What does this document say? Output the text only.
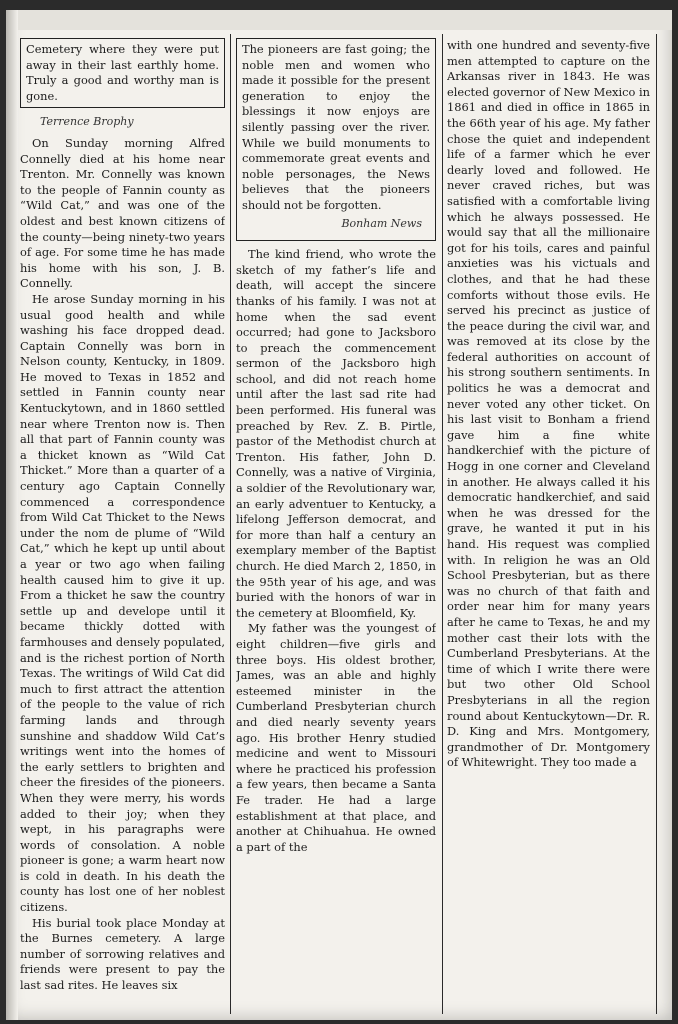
Cemetery where they were put away in their last earthly home. Truly a good and worthy man is gone.

Terrence Brophy

On Sunday morning Alfred Connelly died at his home near Trenton. Mr. Connelly was known to the people of Fannin county as “Wild Cat,” and was one of the oldest and best known citizens of the county—being ninety-two years of age. For some time he has made his home with his son, J. B. Connelly.

He arose Sunday morning in his usual good health and while washing his face dropped dead. Captain Connelly was born in Nelson county, Kentucky, in 1809. He moved to Texas in 1852 and settled in Fannin county near Kentuckytown, and in 1860 settled near where Trenton now is. Then all that part of Fannin county was a thicket known as “Wild Cat Thicket.” More than a quarter of a century ago Captain Connelly commenced a correspondence from Wild Cat Thicket to the News under the nom de plume of “Wild Cat,” which he kept up until about a year or two ago when failing health caused him to give it up. From a thicket he saw the country settle up and develope until it became thickly dotted with farmhouses and densely populated, and is the richest portion of North Texas. The writings of Wild Cat did much to first attract the attention of the people to the value of rich farming lands and through sunshine and shaddow Wild Cat’s writings went into the homes of the early settlers to brighten and cheer the firesides of the pioneers. When they were merry, his words added to their joy; when they wept, in his paragraphs were words of consolation. A noble pioneer is gone; a warm heart now is cold in death. In his death the county has lost one of her noblest citizens.

His burial took place Monday at the Burnes cemetery. A large number of sorrowing relatives and friends were present to pay the last sad rites. He leaves six

The pioneers are fast going; the noble men and women who made it possible for the present generation to enjoy the blessings it now enjoys are silently passing over the river. While we build monuments to commemorate great events and noble personages, the News believes that the pioneers should not be forgotten.

Bonham News

The kind friend, who wrote the sketch of my father’s life and death, will accept the sincere thanks of his family. I was not at home when the sad event occurred; had gone to Jacksboro to preach the commencement sermon of the Jacksboro high school, and did not reach home until after the last sad rite had been performed. His funeral was preached by Rev. Z. B. Pirtle, pastor of the Methodist church at Trenton. His father, John D. Connelly, was a native of Virginia, a soldier of the Revolutionary war, an early adventuer to Kentucky, a lifelong Jefferson democrat, and for more than half a century an exemplary member of the Baptist church. He died March 2, 1850, in the 95th year of his age, and was buried with the honors of war in the cemetery at Bloomfield, Ky.

My father was the youngest of eight children—five girls and three boys. His oldest brother, James, was an able and highly esteemed minister in the Cumberland Presbyterian church and died nearly seventy years ago. His brother Henry studied medicine and went to Missouri where he practiced his profession a few years, then became a Santa Fe trader. He had a large establishment at that place, and another at Chihuahua. He owned a part of the

with one hundred and seventy-five men attempted to capture on the Arkansas river in 1843. He was elected governor of New Mexico in 1861 and died in office in 1865 in the 66th year of his age. My father chose the quiet and independent life of a farmer which he ever dearly loved and followed. He never craved riches, but was satisfied with a comfortable living which he always possessed. He would say that all the millionaire got for his toils, cares and painful anxieties was his victuals and clothes, and that he had these comforts without those evils. He served his precinct as justice of the peace during the civil war, and was removed at its close by the federal authorities on account of his strong southern sentiments. In politics he was a democrat and never voted any other ticket. On his last visit to Bonham a friend gave him a fine white handkerchief with the picture of Hogg in one corner and Cleveland in another. He always called it his democratic handkerchief, and said when he was dressed for the grave, he wanted it put in his hand. His request was complied with. In religion he was an Old School Presbyterian, but as there was no church of that faith and order near him for many years after he came to Texas, he and my mother cast their lots with the Cumberland Presbyterians. At the time of which I write there were but two other Old School Presbyterians in all the region round about Kentuckytown—Dr. R. D. King and Mrs. Montgomery, grandmother of Dr. Montgomery of Whitewright. They too made a
